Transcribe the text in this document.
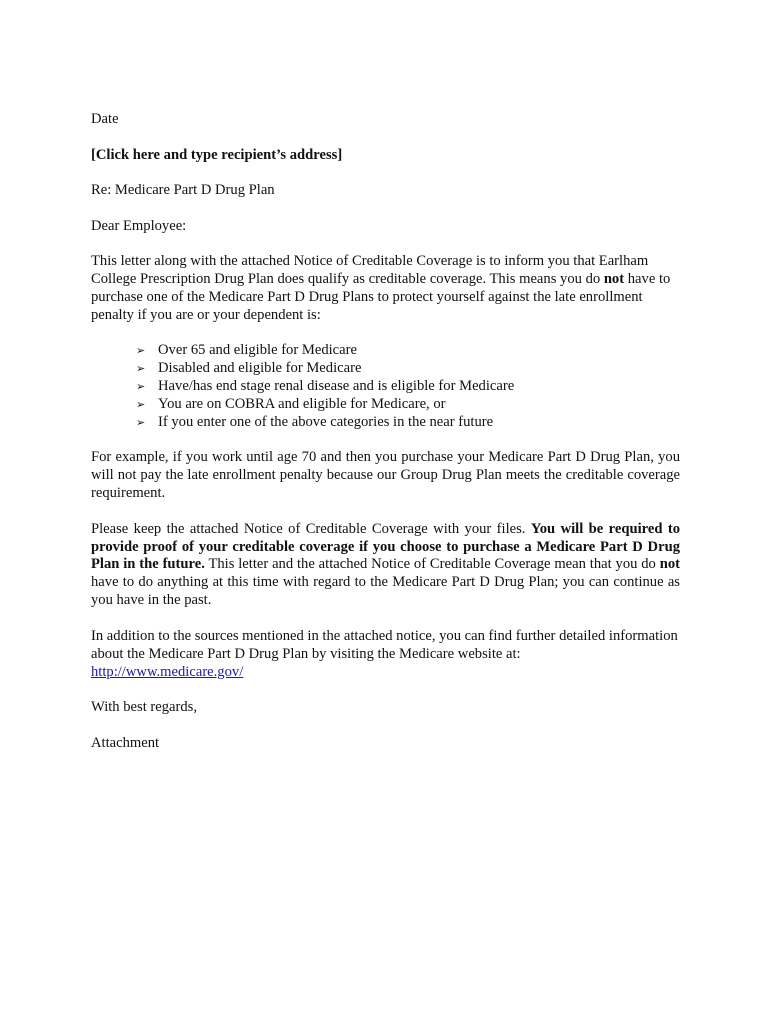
Date

[Click here and type recipient’s address]

Re: Medicare Part D Drug Plan

Dear Employee:

This letter along with the attached Notice of Creditable Coverage is to inform you that Earlham College Prescription Drug Plan does qualify as creditable coverage. This means you do not have to purchase one of the Medicare Part D Drug Plans to protect yourself against the late enrollment penalty if you are or your dependent is:

➢ Over 65 and eligible for Medicare
➢ Disabled and eligible for Medicare
➢ Have/has end stage renal disease and is eligible for Medicare
➢ You are on COBRA and eligible for Medicare, or
➢ If you enter one of the above categories in the near future

For example, if you work until age 70 and then you purchase your Medicare Part D Drug Plan, you will not pay the late enrollment penalty because our Group Drug Plan meets the creditable coverage requirement.

Please keep the attached Notice of Creditable Coverage with your files. You will be required to provide proof of your creditable coverage if you choose to purchase a Medicare Part D Drug Plan in the future. This letter and the attached Notice of Creditable Coverage mean that you do not have to do anything at this time with regard to the Medicare Part D Drug Plan; you can continue as you have in the past.

In addition to the sources mentioned in the attached notice, you can find further detailed information about the Medicare Part D Drug Plan by visiting the Medicare website at:
http://www.medicare.gov/

With best regards,

Attachment
